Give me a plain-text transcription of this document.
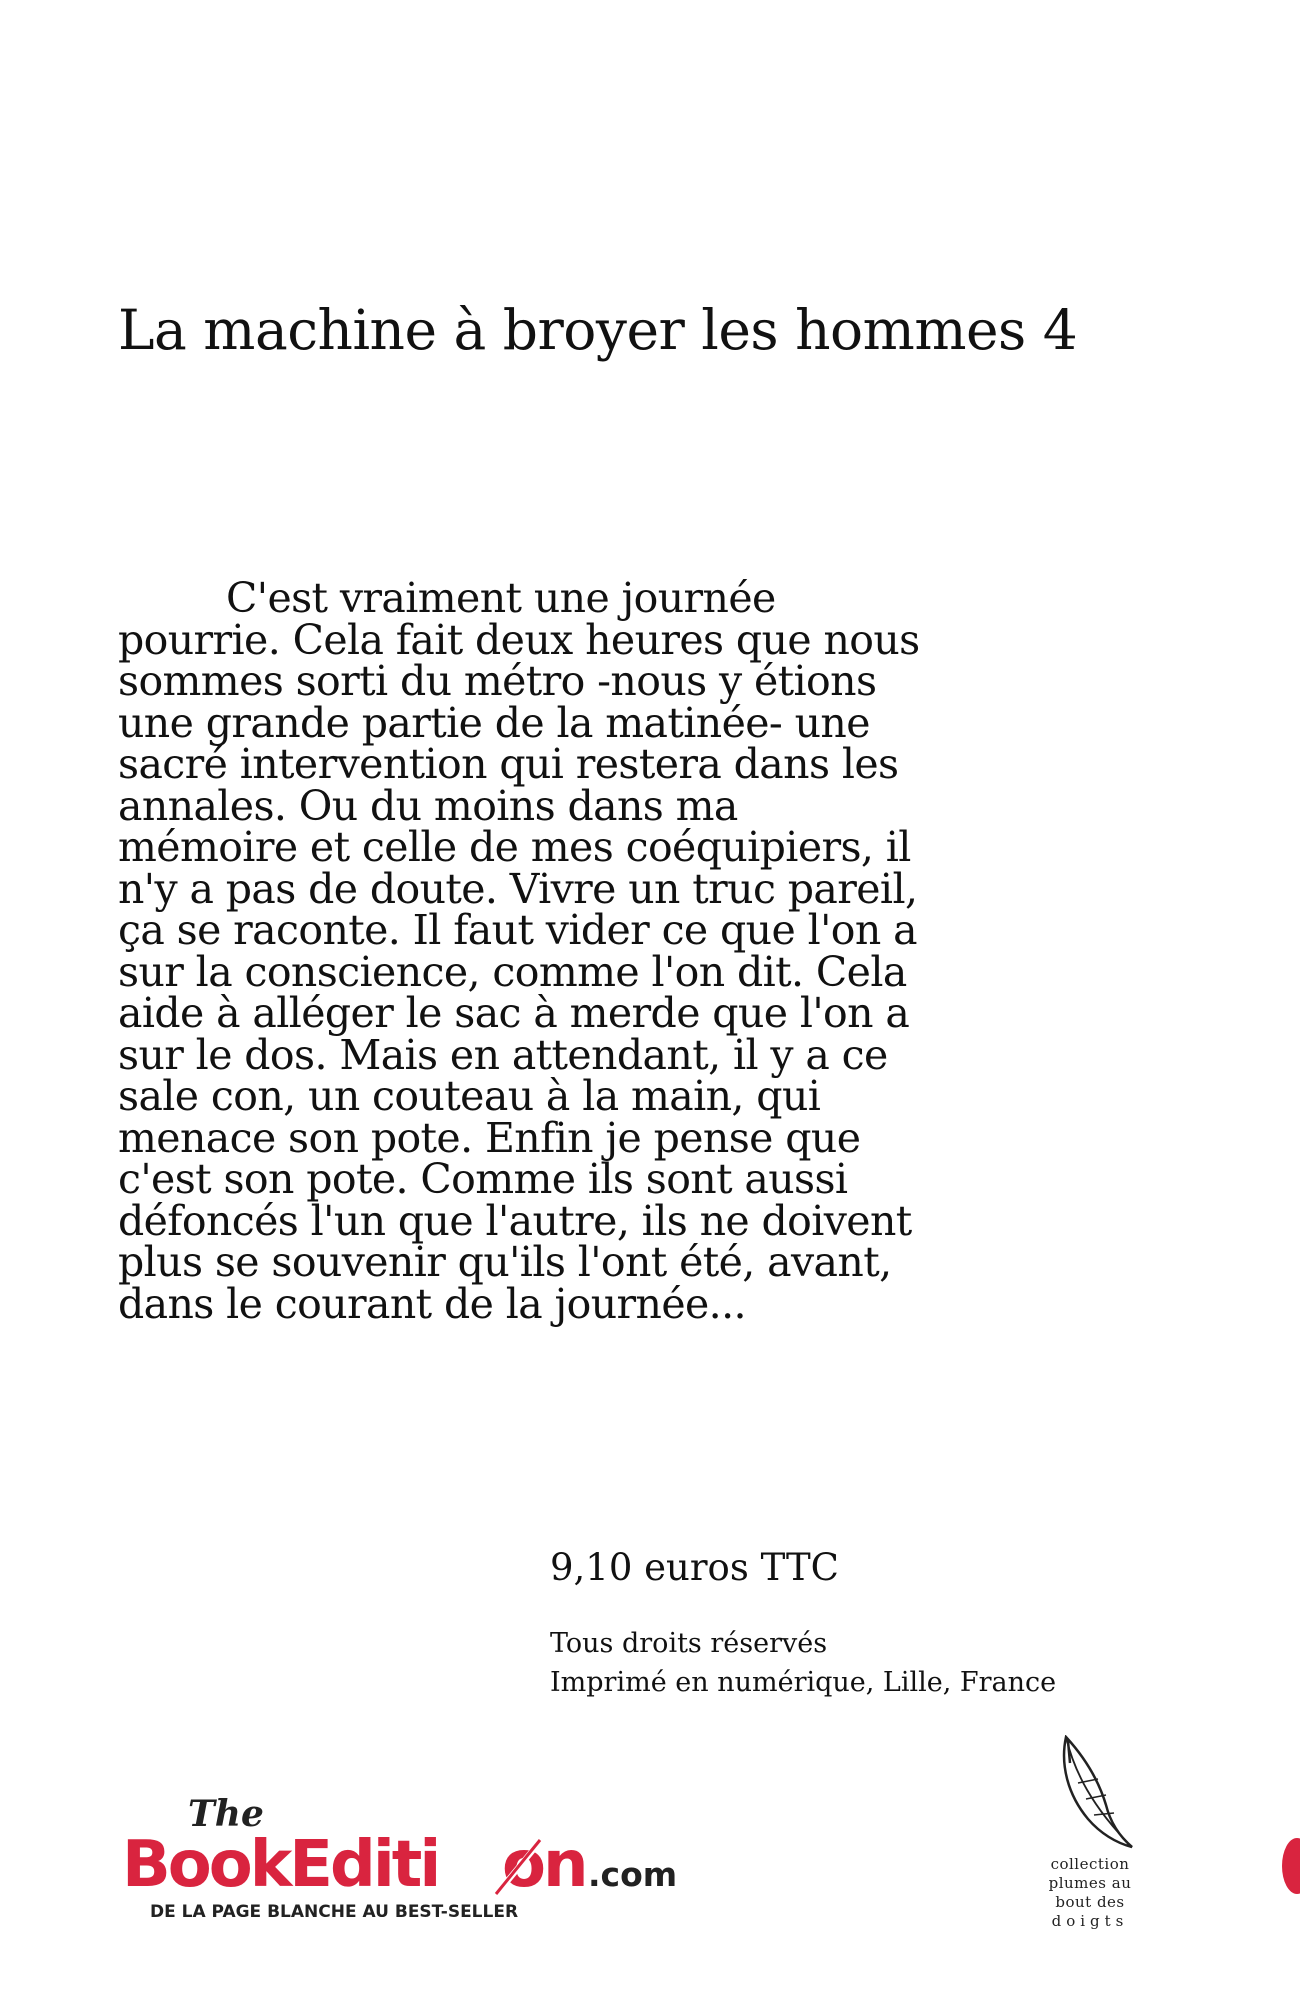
La machine à broyer les hommes 4
C'est vraiment une journée
pourrie. Cela fait deux heures que nous
sommes sorti du métro -nous y étions
une grande partie de la matinée- une
sacré intervention qui restera dans les
annales. Ou du moins dans ma
mémoire et celle de mes coéquipiers, il
n'y a pas de doute. Vivre un truc pareil,
ça se raconte. Il faut vider ce que l'on a
sur la conscience, comme l'on dit. Cela
aide à alléger le sac à merde que l'on a
sur le dos. Mais en attendant, il y a ce
sale con, un couteau à la main, qui
menace son pote. Enfin je pense que
c'est son pote. Comme ils sont aussi
défoncés l'un que l'autre, ils ne doivent
plus se souvenir qu'ils l'ont été, avant,
dans le courant de la journée...
9,10 euros TTC
Tous droits réservés
Imprimé en numérique, Lille, France
The
BookEditi on .com
DE LA PAGE BLANCHE AU BEST-SELLER
collection
plumes au
bout des
doigts
